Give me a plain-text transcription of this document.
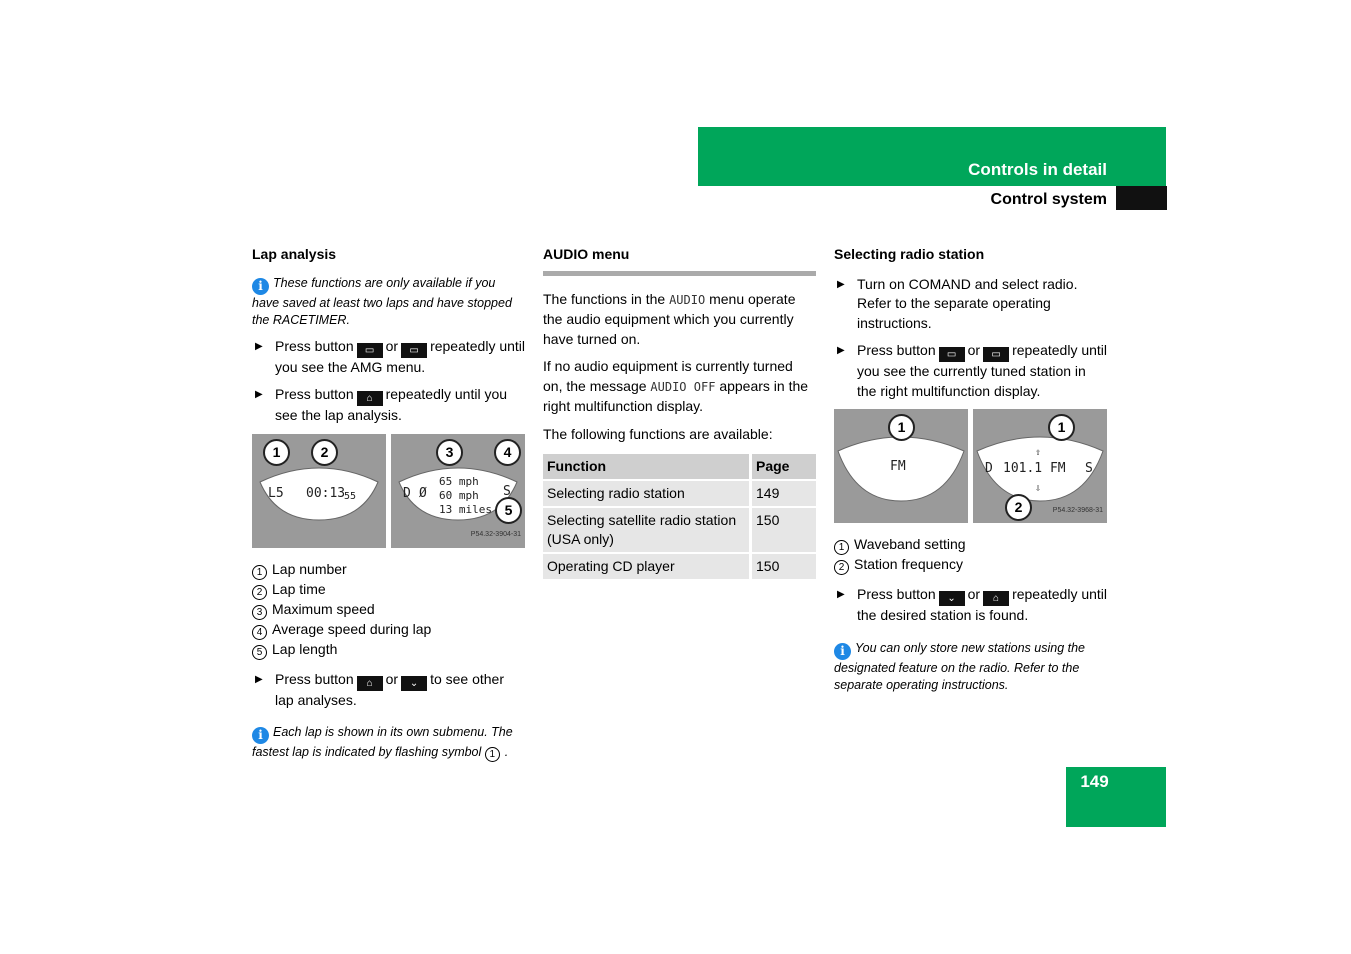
Controls in detail
Control system
Lap analysis
i These functions are only available if you have saved at least two laps and have stopped the RACETIMER.
▶ Press button ▭ or ▭ repeatedly until you see the AMG menu.
▶ Press button ⌂ repeatedly until you see the lap analysis.
1	2
L5 00:13
55
3	4
5
D Ø
65 mph
60 mph
13 miles
S
P54.32-3904-31
1 Lap number
2 Lap time
3 Maximum speed
4 Average speed during lap
5 Lap length
▶ Press button ⌂ or ⌄ to see other lap analyses.
i Each lap is shown in its own submenu. The fastest lap is indicated by flashing symbol 1 .
AUDIO menu
The functions in the AUDIO menu operate the audio equipment which you currently have turned on.
If no audio equipment is currently turned on, the message AUDIO OFF appears in the right multifunction display.
The following functions are available:
Function	Page
Selecting radio station	149
Selecting satellite radio station (USA only)	150
Operating CD player	150
Selecting radio station
▶ Turn on COMAND and select radio. Refer to the separate operating instructions.
▶ Press button ▭ or ▭ repeatedly until you see the currently tuned station in the right multifunction display.
1
FM
1
2
⇧
⇩
D 101.1 FM S
P54.32-3968-31
1 Waveband setting
2 Station frequency
▶ Press button ⌄ or ⌂ repeatedly until the desired station is found.
i You can only store new stations using the designated feature on the radio. Refer to the separate operating instructions.
149
